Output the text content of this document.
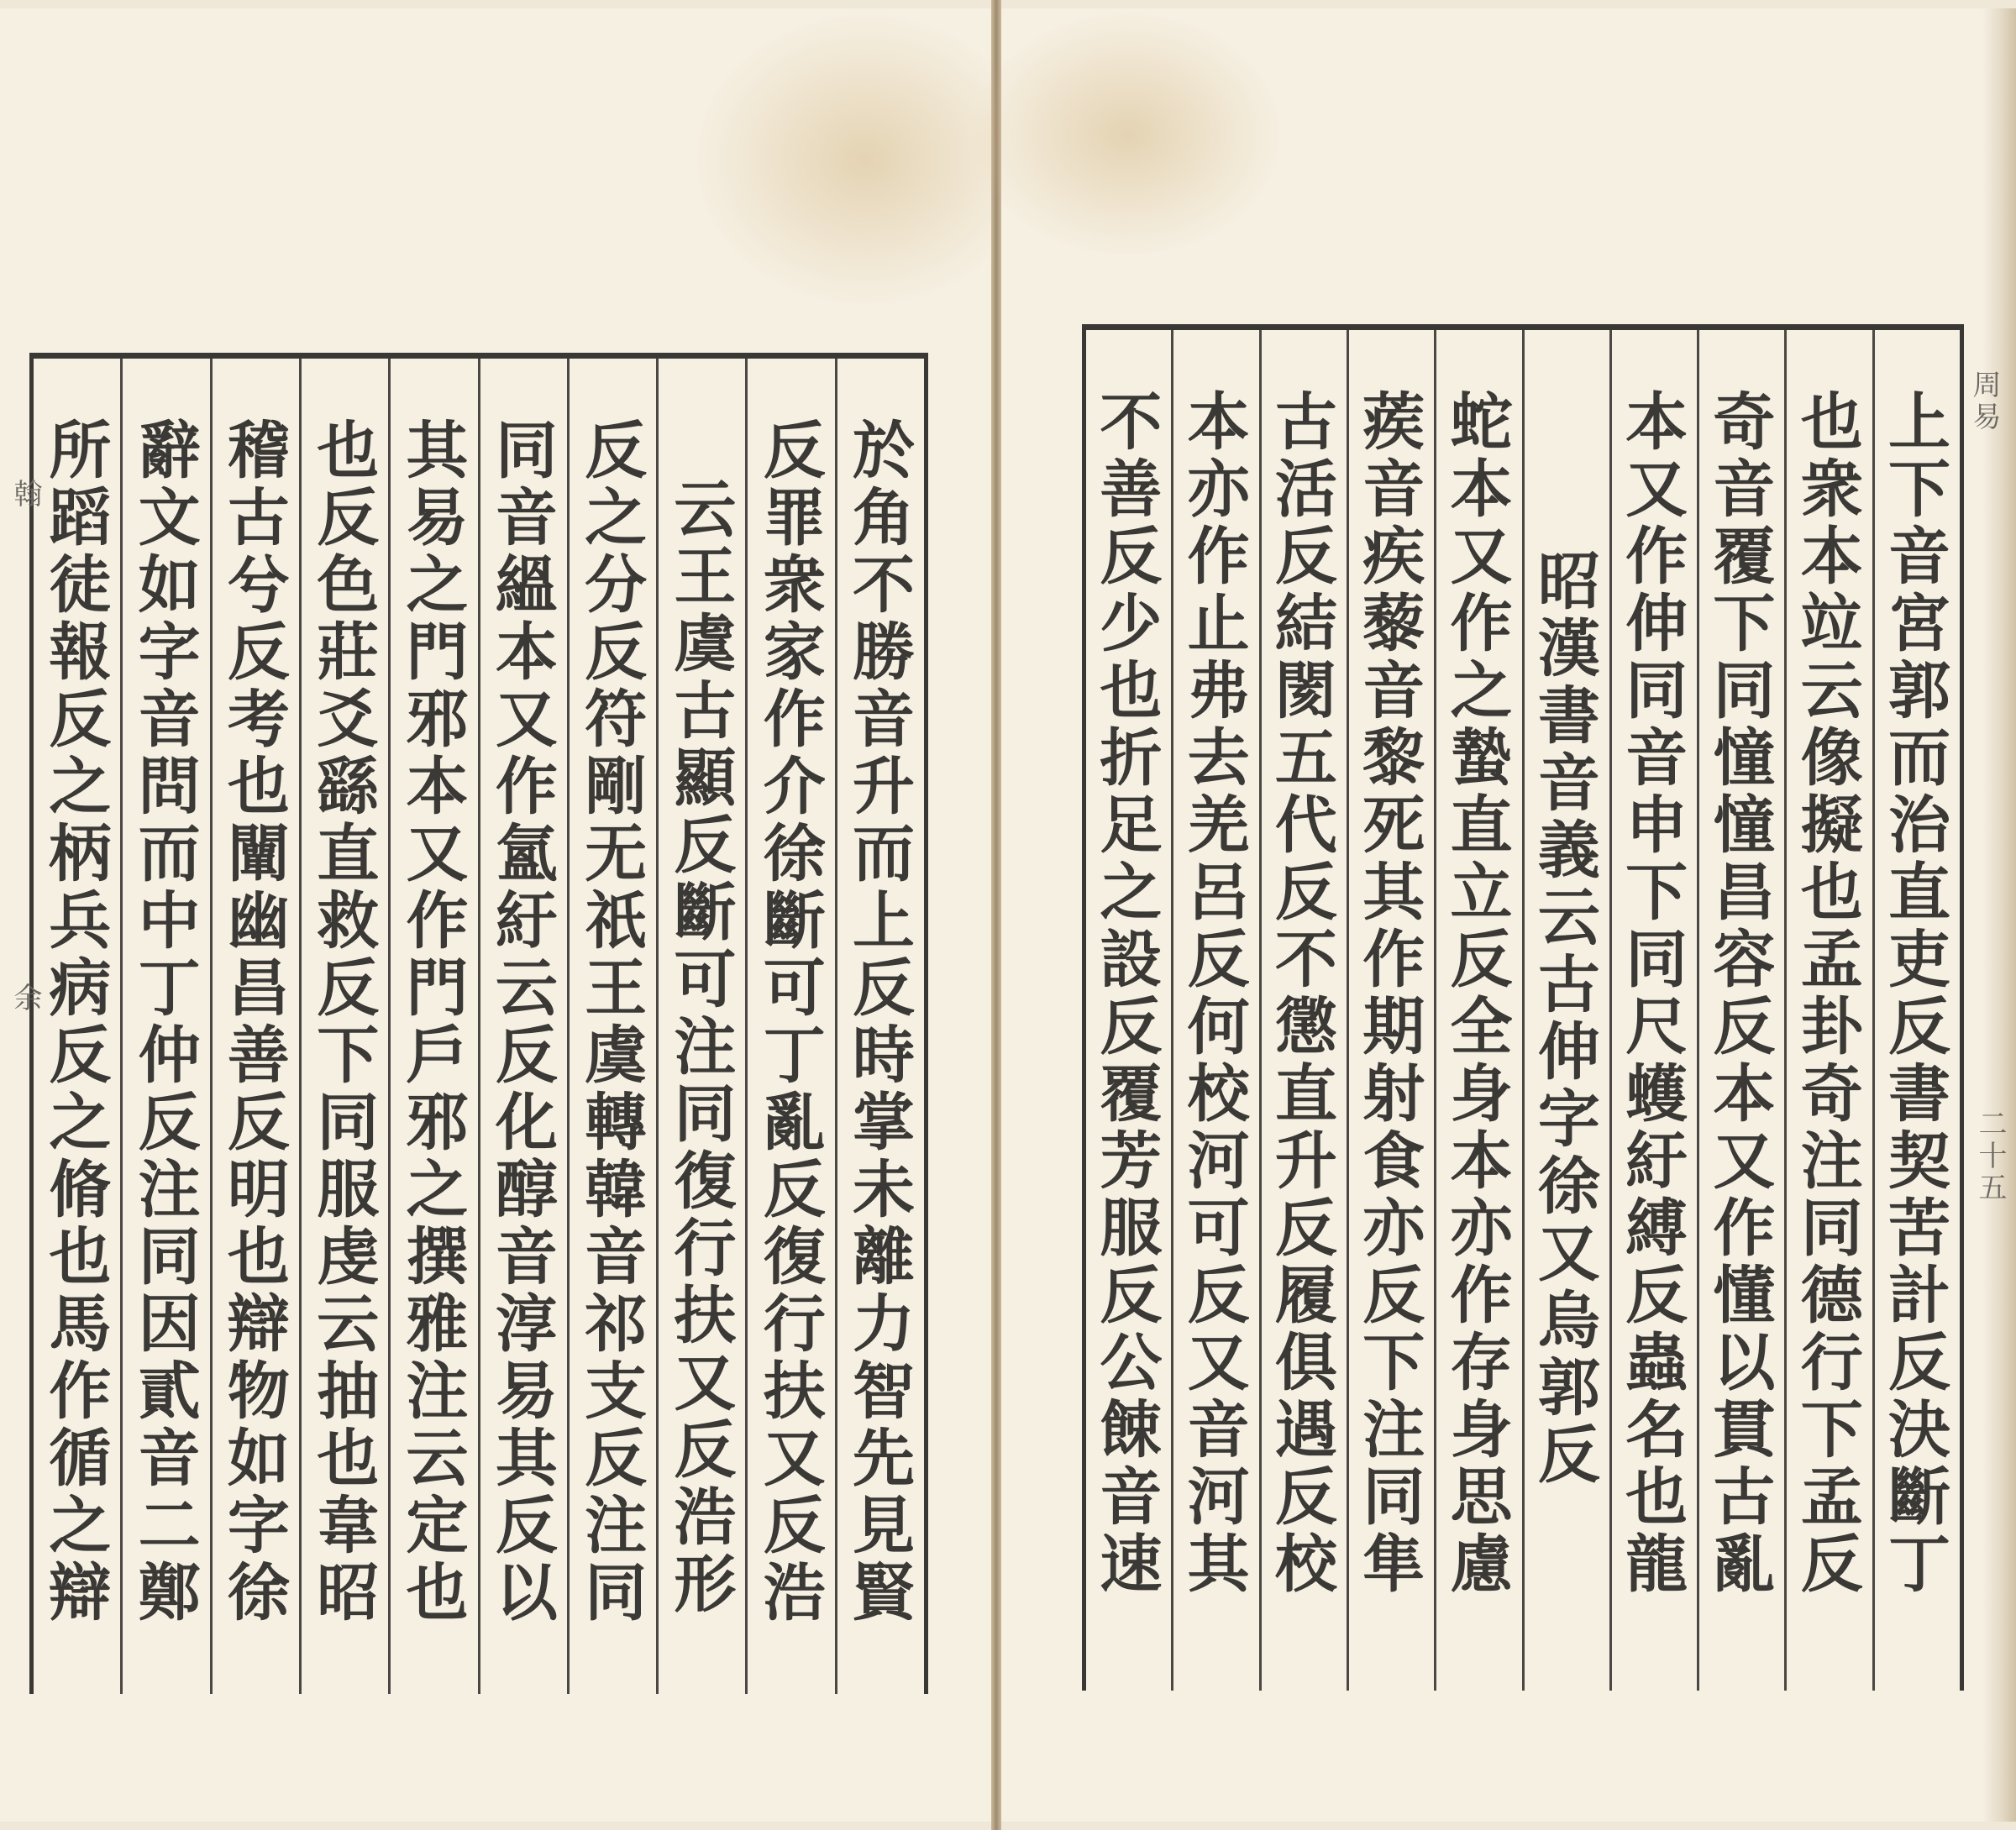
於角不勝音升而上反時掌未離力智先見賢
反罪衆家作介徐斷可丁亂反復行扶又反浩
云王虞古顯反斷可注同復行扶又反浩形
反之分反符剛无祇王虞轉韓音祁支反注同
同音縕本又作氳紆云反化醇音淳易其反以
其易之門邪本又作門戶邪之撰雅注云定也
也反色莊爻繇直救反下同服虔云抽也韋昭
稽古兮反考也闡幽昌善反明也辯物如字徐
辭文如字音問而中丁仲反注同因貳音二鄭
所蹈徒報反之柄兵病反之脩也馬作循之辯
翰
余
上下音宮郭而治直吏反書契苦計反決斷丁
也衆本竝云像擬也孟卦奇注同德行下孟反
奇音覆下同憧憧昌容反本又作懂以貫古亂
本又作伸同音申下同尺蠖紆縛反蟲名也龍
昭漢書音義云古伸字徐又烏郭反
蛇本又作之蟄直立反全身本亦作存身思慮
蒺音疾藜音黎死其作期射食亦反下注同隼
古活反結閡五代反不懲直升反履俱遇反校
本亦作止弗去羌呂反何校河可反又音河其
不善反少也折足之設反覆芳服反公餗音速
周易
二十五
